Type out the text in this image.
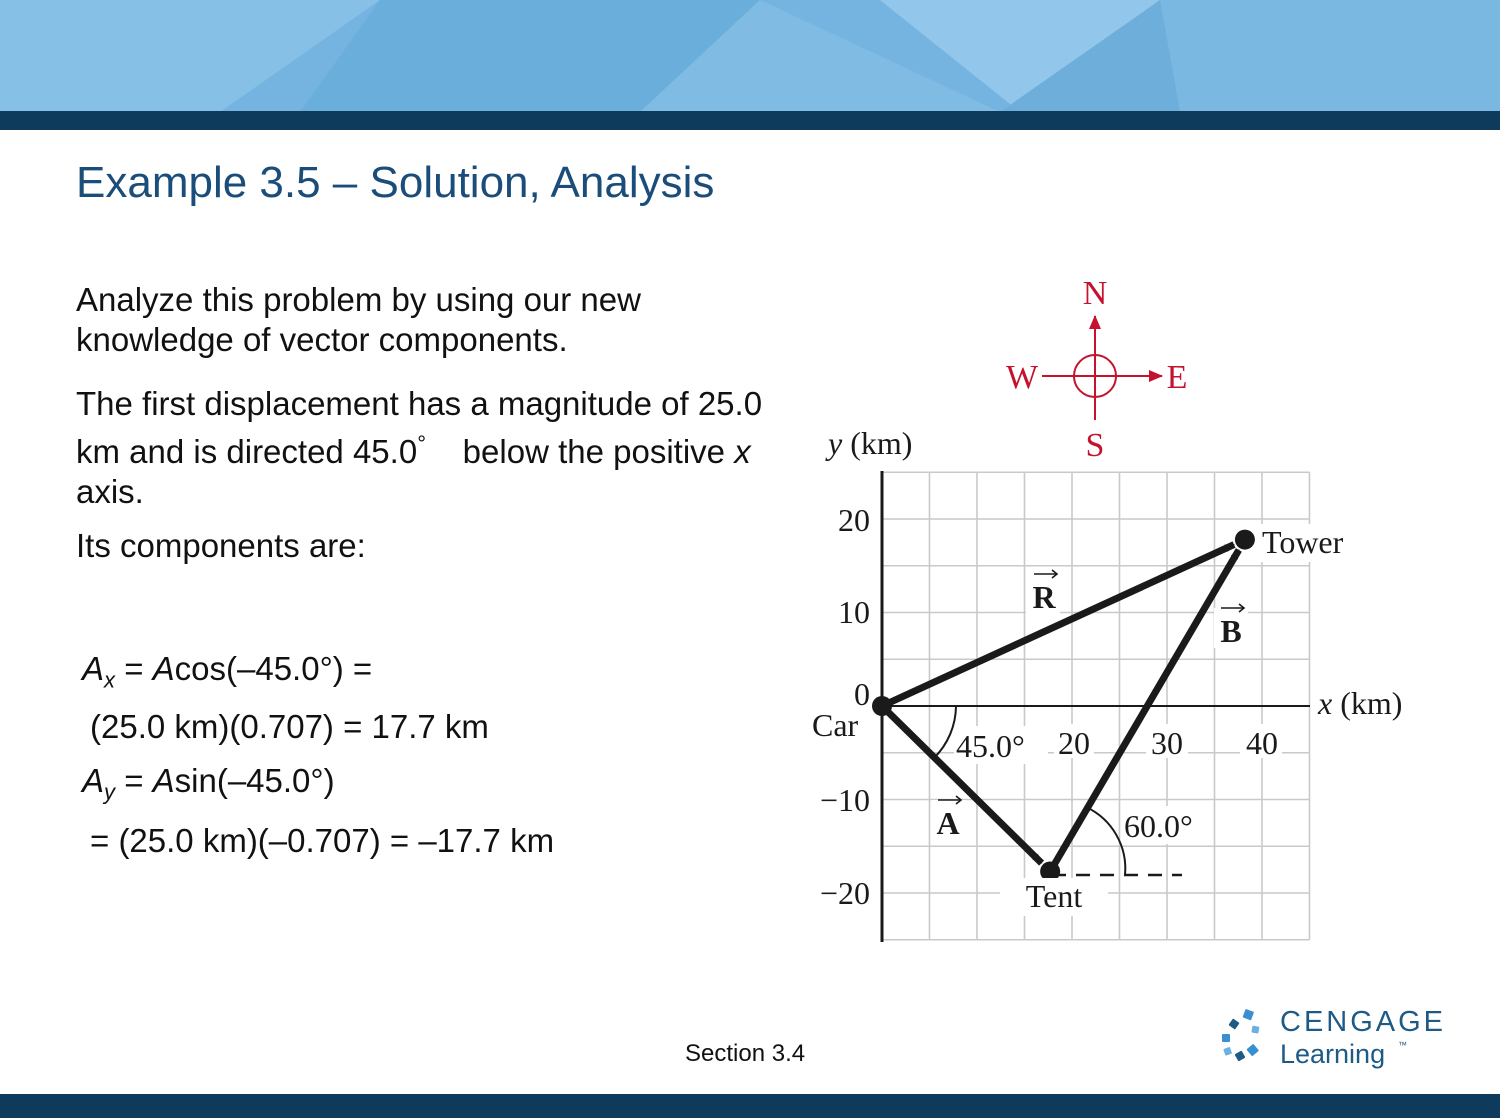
Example 3.5 – Solution, Analysis
Analyze this problem by using our new knowledge of vector components.
The first displacement has a magnitude of 25.0 km and is directed 45.0°    below the positive x axis.
Its components are:
$A_x = Acos(-45.0^\circ)$ =
(25.0 km)(0.707) = 17.7 km
$A_y = Asin(-45.0^\circ)$
= (25.0 km)(–0.707) = –17.7 km
N
S
E
W
y (km)
x (km)
20
10
0
−10
−20
20 30 40
Car
Tent
Tower
R
B
A
45.0°
60.0°
Section 3.4
CENGAGE
Learning ™
